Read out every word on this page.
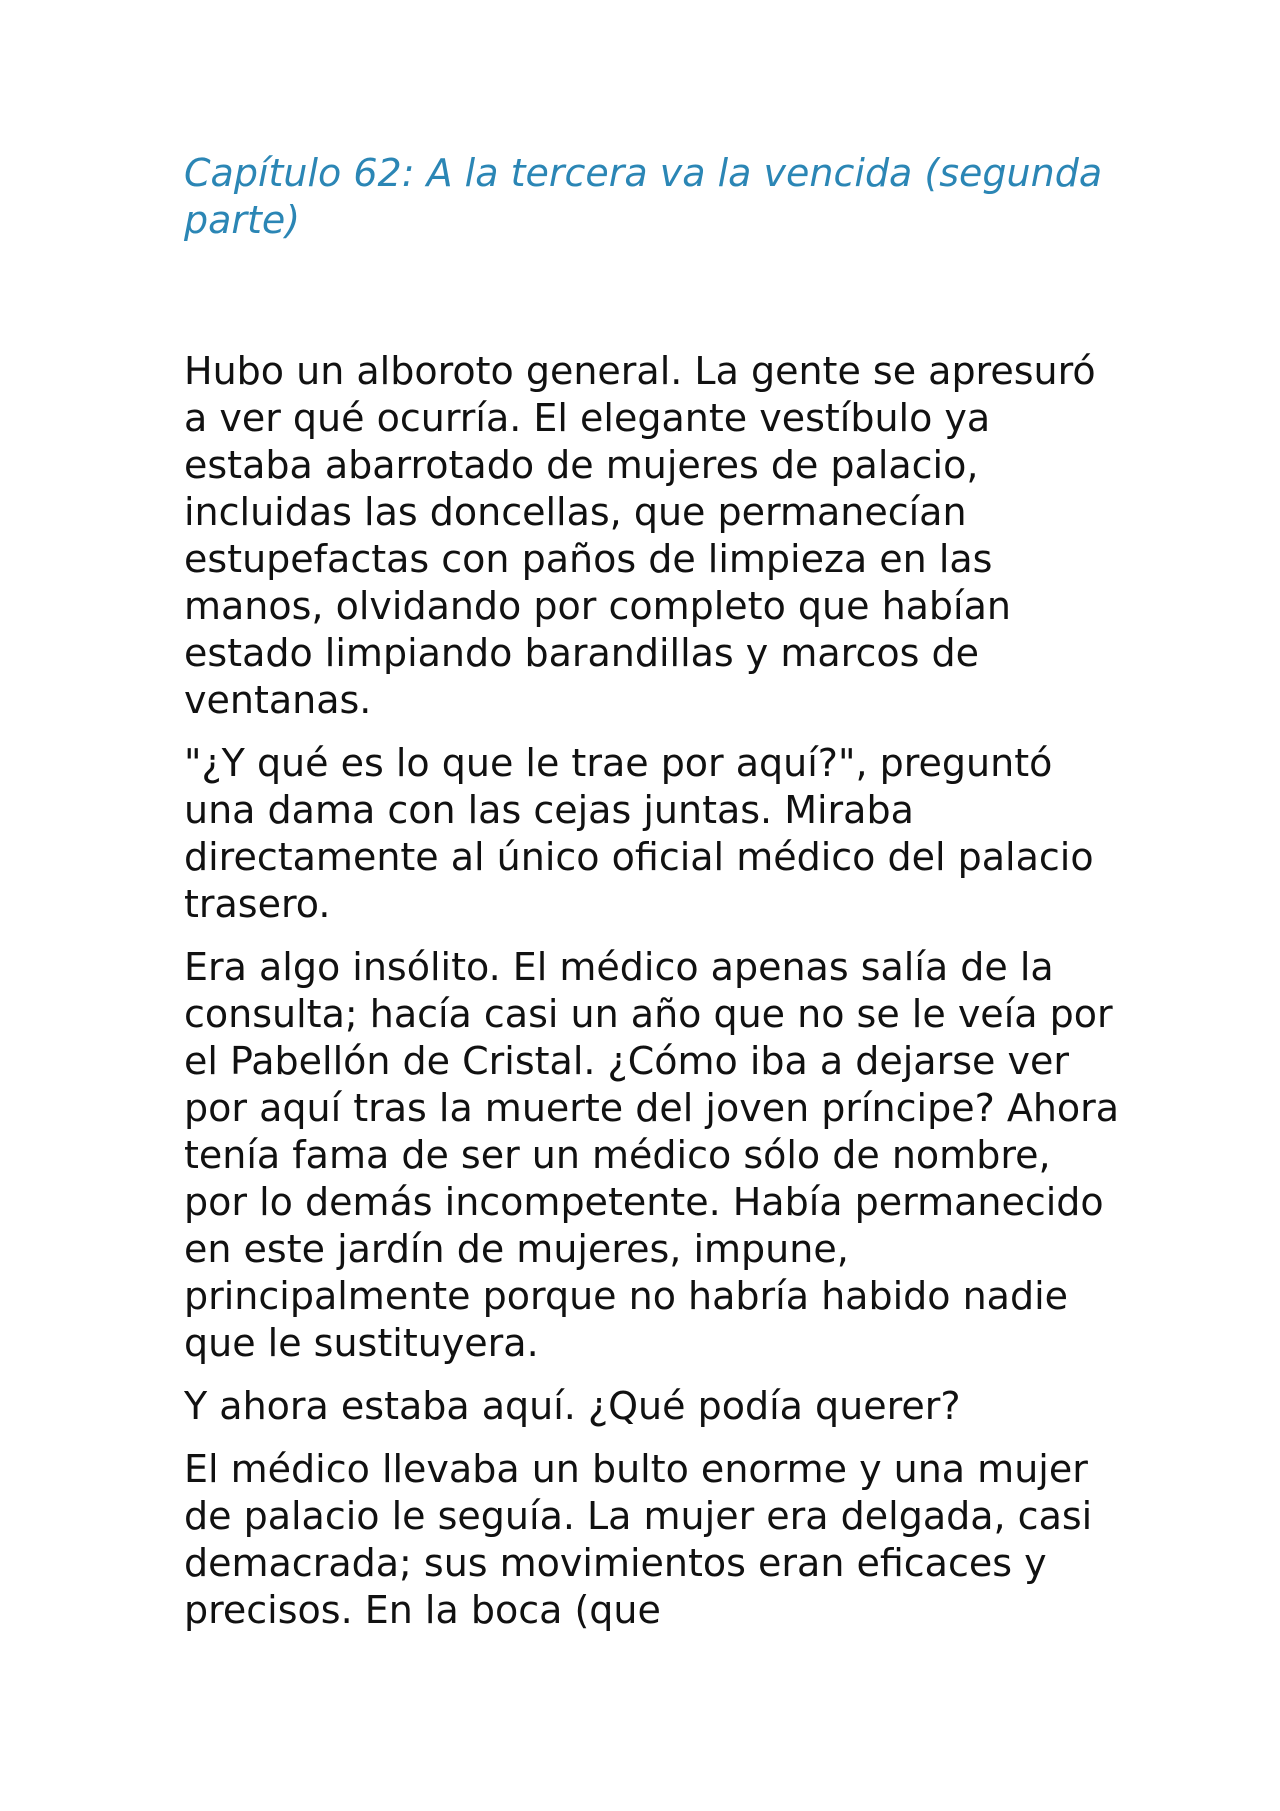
Capítulo 62: A la tercera va la vencida (segunda parte)

Hubo un alboroto general. La gente se apresuró a ver qué ocurría. El elegante vestíbulo ya estaba abarrotado de mujeres de palacio, incluidas las doncellas, que permanecían estupefactas con paños de limpieza en las manos, olvidando por completo que habían estado limpiando barandillas y marcos de ventanas.

"¿Y qué es lo que le trae por aquí?", preguntó una dama con las cejas juntas. Miraba directamente al único oficial médico del palacio trasero.

Era algo insólito. El médico apenas salía de la consulta; hacía casi un año que no se le veía por el Pabellón de Cristal. ¿Cómo iba a dejarse ver por aquí tras la muerte del joven príncipe? Ahora tenía fama de ser un médico sólo de nombre, por lo demás incompetente. Había permanecido en este jardín de mujeres, impune, principalmente porque no habría habido nadie que le sustituyera.

Y ahora estaba aquí. ¿Qué podía querer?

El médico llevaba un bulto enorme y una mujer de palacio le seguía. La mujer era delgada, casi demacrada; sus movimientos eran eficaces y precisos. En la boca (que
